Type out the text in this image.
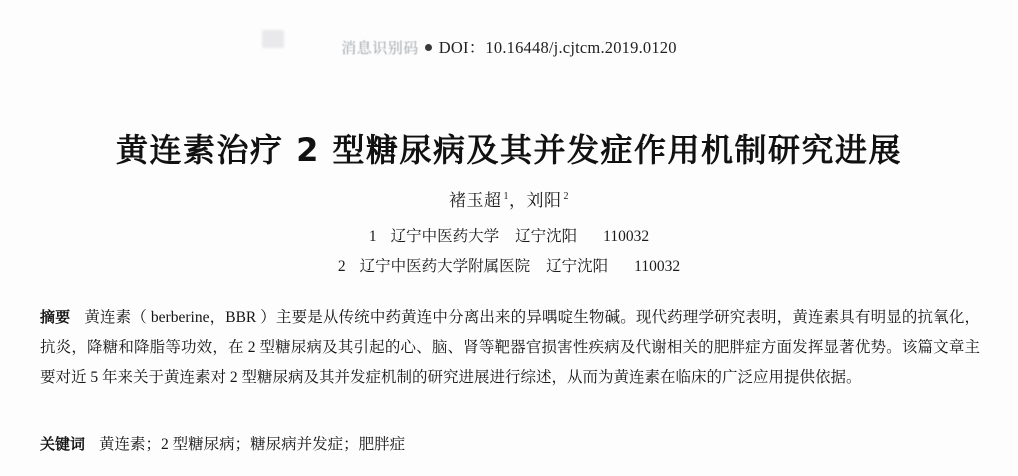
消息识别码 DOI：10.16448/j.cjtcm.2019.0120
黄连素治疗 2 型糖尿病及其并发症作用机制研究进展
褚玉超 $^1$，刘阳 $^2$
1 辽宁中医药大学 辽宁沈阳 110032
2 辽宁中医药大学附属医院 辽宁沈阳 110032
摘要 黄连素（ berberine，BBR ）主要是从传统中药黄连中分离出来的异喁啶生物碱。现代药理学研究表明，黄连素具有明显的抗氧化，抗炎，降糖和降脂等功效，在 2 型糖尿病及其引起的心、脑、肾等靶器官损害性疾病及代谢相关的肥胖症方面发挥显著优势。该篇文章主要对近 5 年来关于黄连素对 2 型糖尿病及其并发症机制的研究进展进行综述，从而为黄连素在临床的广泛应用提供依据。
关键词 黄连素；2 型糖尿病；糖尿病并发症；肥胖症
